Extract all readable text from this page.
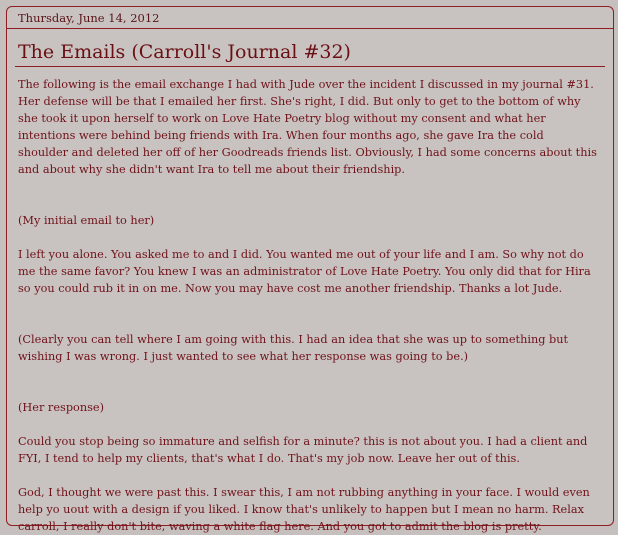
Thursday, June 14, 2012
The Emails (Carroll's Journal #32)

The following is the email exchange I had with Jude over the incident I discussed in my journal #31. Her defense will be that I emailed her first. She's right, I did. But only to get to the bottom of why she took it upon herself to work on Love Hate Poetry blog without my consent and what her intentions were behind being friends with Ira. When four months ago, she gave Ira the cold shoulder and deleted her off of her Goodreads friends list. Obviously, I had some concerns about this and about why she didn't want Ira to tell me about their friendship.

(My initial email to her)

I left you alone. You asked me to and I did. You wanted me out of your life and I am. So why not do me the same favor? You knew I was an administrator of Love Hate Poetry. You only did that for Hira so you could rub it in on me. Now you may have cost me another friendship. Thanks a lot Jude.

(Clearly you can tell where I am going with this. I had an idea that she was up to something but wishing I was wrong. I just wanted to see what her response was going to be.)

(Her response)

Could you stop being so immature and selfish for a minute? this is not about you. I had a client and FYI, I tend to help my clients, that's what I do. That's my job now. Leave her out of this.

God, I thought we were past this. I swear this, I am not rubbing anything in your face. I would even help yo uout with a design if you liked. I know that's unlikely to happen but I mean no harm. Relax carroll, I really don't bite, waving a white flag here. And you got to admit the blog is pretty.
